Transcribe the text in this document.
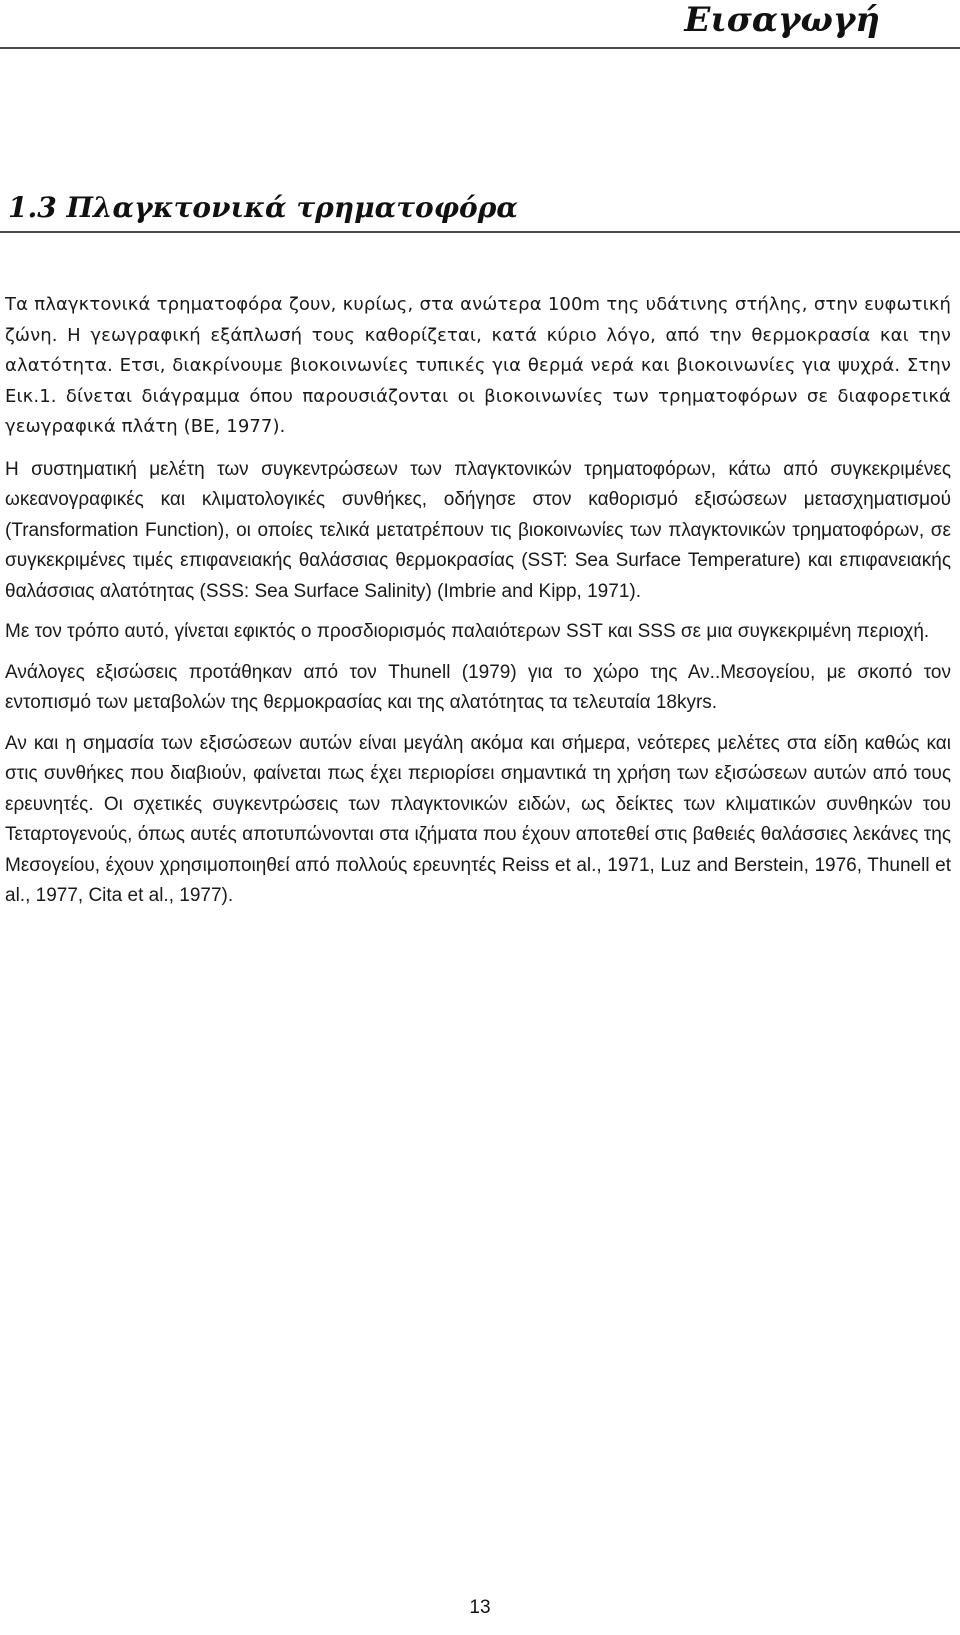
Εισαγωγή
1.3 Πλαγκτονικά τρηματοφόρα

Τα πλαγκτονικά τρηματοφόρα ζουν, κυρίως, στα ανώτερα 100m της υδάτινης στήλης, στην ευφωτική ζώνη. Η γεωγραφική εξάπλωσή τους καθορίζεται, κατά κύριο λόγο, από την θερμοκρασία και την αλατότητα. Ετσι, διακρίνουμε βιοκοινωνίες τυπικές για θερμά νερά και βιοκοινωνίες για ψυχρά. Στην Εικ.1. δίνεται διάγραμμα όπου παρουσιάζονται οι βιοκοινωνίες των τρηματοφόρων σε διαφορετικά γεωγραφικά πλάτη (ΒΕ, 1977).

Η συστηματική μελέτη των συγκεντρώσεων των πλαγκτονικών τρηματοφόρων, κάτω από συγκεκριμένες ωκεανογραφικές και κλιματολογικές συνθήκες, οδήγησε στον καθορισμό εξισώσεων μετασχηματισμού (Transformation Function), οι οποίες τελικά μετατρέπουν τις βιοκοινωνίες των πλαγκτονικών τρηματοφόρων, σε συγκεκριμένες τιμές επιφανειακής θαλάσσιας θερμοκρασίας (SST: Sea Surface Temperature) και επιφανειακής θαλάσσιας αλατότητας (SSS: Sea Surface Salinity) (Imbrie and Kipp, 1971).

Με τον τρόπο αυτό, γίνεται εφικτός ο προσδιορισμός παλαιότερων SST και SSS σε μια συγκεκριμένη περιοχή.

Ανάλογες εξισώσεις προτάθηκαν από τον Thunell (1979) για το χώρο της Αν..Μεσογείου, με σκοπό τον εντοπισμό των μεταβολών της θερμοκρασίας και της αλατότητας τα τελευταία 18kyrs.

Αν και η σημασία των εξισώσεων αυτών είναι μεγάλη ακόμα και σήμερα, νεότερες μελέτες στα είδη καθώς και στις συνθήκες που διαβιούν, φαίνεται πως έχει περιορίσει σημαντικά τη χρήση των εξισώσεων αυτών από τους ερευνητές. Οι σχετικές συγκεντρώσεις των πλαγκτονικών ειδών, ως δείκτες των κλιματικών συνθηκών του Τεταρτογενούς, όπως αυτές αποτυπώνονται στα ιζήματα που έχουν αποτεθεί στις βαθειές θαλάσσιες λεκάνες της Μεσογείου, έχουν χρησιμοποιηθεί από πολλούς ερευνητές Reiss et al., 1971, Luz and Berstein, 1976, Thunell et al., 1977, Cita et al., 1977).

13
